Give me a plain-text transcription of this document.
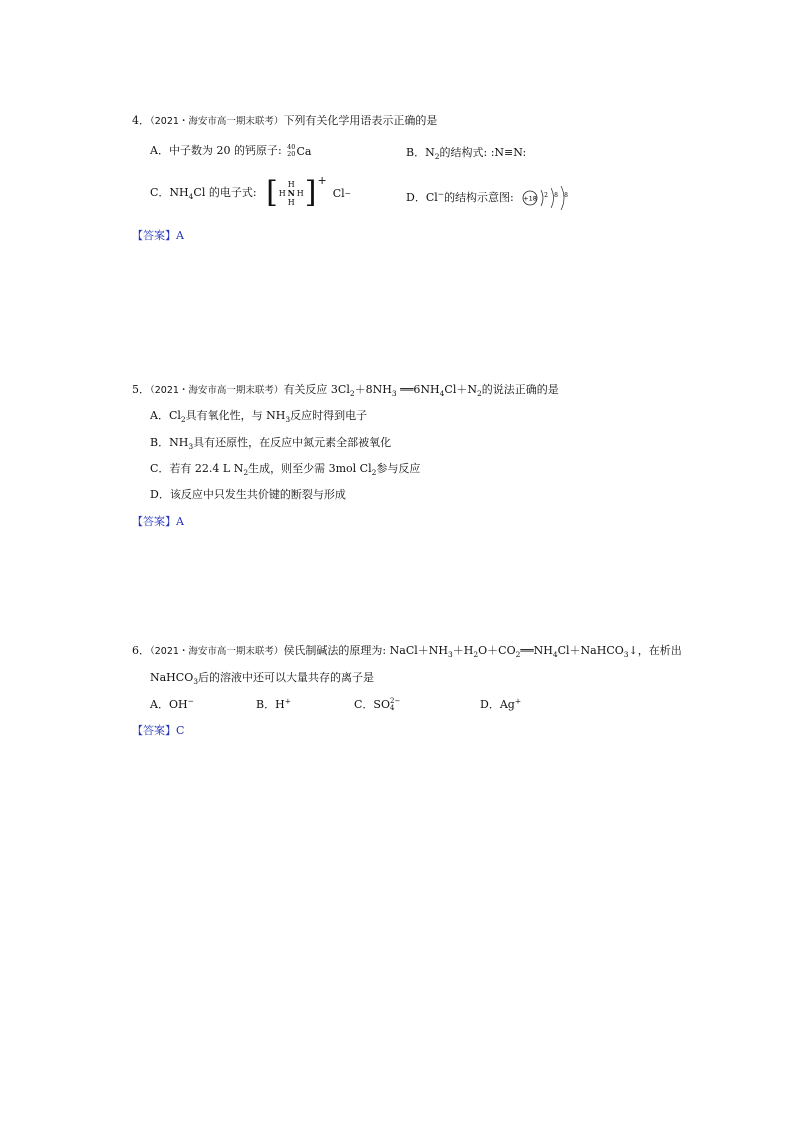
4．（2021・海安市高一期末联考）下列有关化学用语表示正确的是
A．中子数为 20 的钙原子: 40
20 Ca	B．$N_2$的结构式: :N≡N:
C．$NH_4Cl$ 的电子式: [ H
H N H
H ] +
Cl −	D．Cl−的结构示意图: +18 2 8 8
【答案】A
5．（2021・海安市高一期末联考）有关反应 $3Cl_2+8NH_3$ $══6NH_4Cl+N_2$的说法正确的是
A．$Cl_2$具有氧化性，与 $NH_3$反应时得到电子
B．$NH_3$具有还原性，在反应中氮元素全部被氧化
C．若有 22.4 L $N_2$生成，则至少需 3mol $Cl_2$参与反应
D．该反应中只发生共价键的断裂与形成
【答案】A
6．（2021・海安市高一期末联考）侯氏制碱法的原理为: $NaCl+NH_3+H_2O+CO_2══NH_4Cl+NaHCO_3↓$，在析出
NaHCO$_3$后的溶液中还可以大量共存的离子是
A．OH−	B．H+	C．SO 2−
4	D．Ag+
【答案】C
